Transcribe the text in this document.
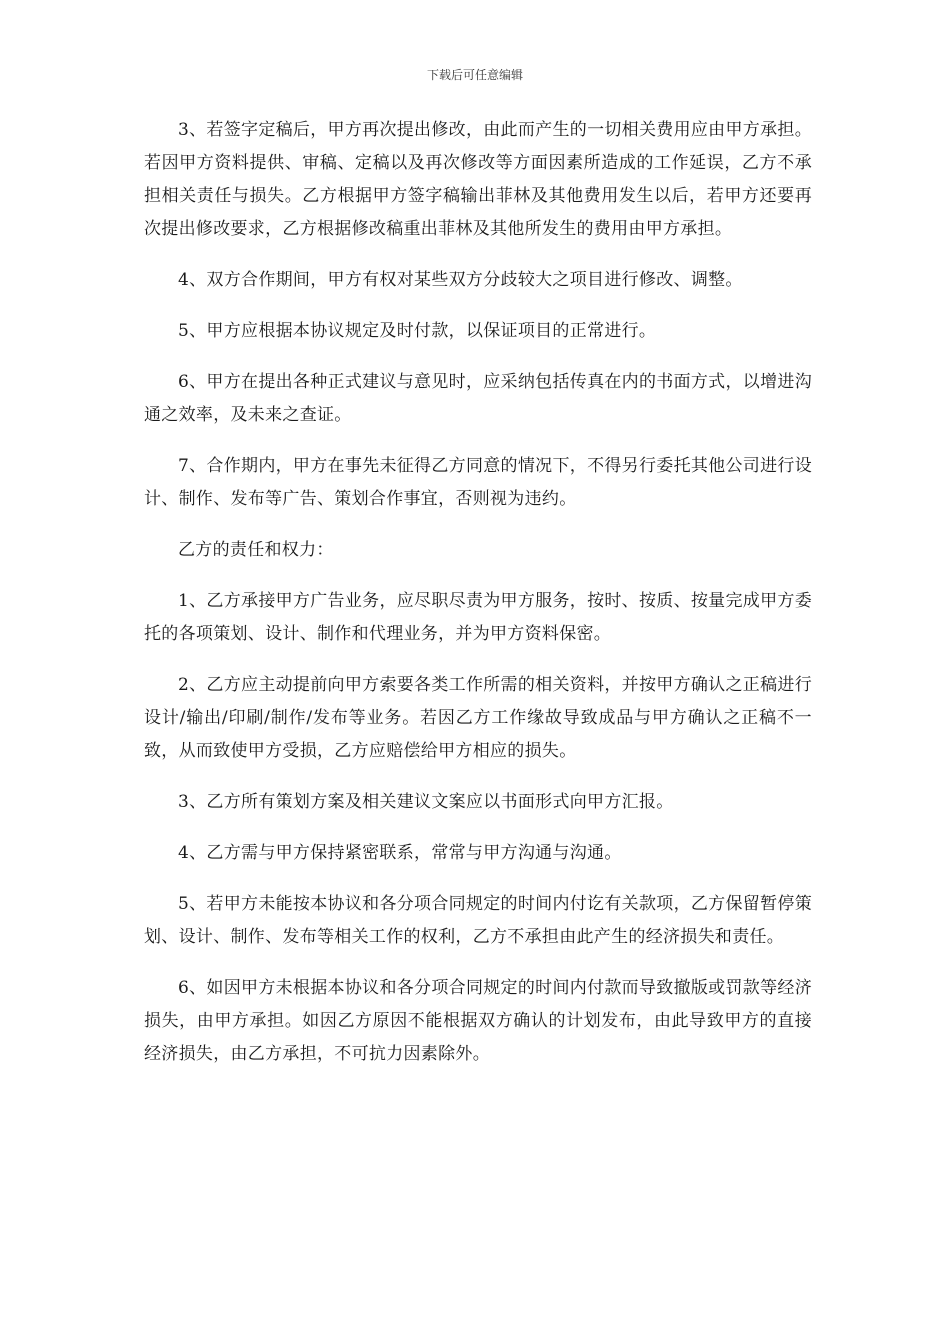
下载后可任意编辑

3、若签字定稿后，甲方再次提出修改，由此而产生的一切相关费用应由甲方承担。若因甲方资料提供、审稿、定稿以及再次修改等方面因素所造成的工作延误，乙方不承担相关责任与损失。乙方根据甲方签字稿输出菲林及其他费用发生以后，若甲方还要再次提出修改要求，乙方根据修改稿重出菲林及其他所发生的费用由甲方承担。

4、双方合作期间，甲方有权对某些双方分歧较大之项目进行修改、调整。

5、甲方应根据本协议规定及时付款，以保证项目的正常进行。

6、甲方在提出各种正式建议与意见时，应采纳包括传真在内的书面方式，以增进沟通之效率，及未来之查证。

7、合作期内，甲方在事先未征得乙方同意的情况下，不得另行委托其他公司进行设计、制作、发布等广告、策划合作事宜，否则视为违约。

乙方的责任和权力：

1、乙方承接甲方广告业务，应尽职尽责为甲方服务，按时、按质、按量完成甲方委托的各项策划、设计、制作和代理业务，并为甲方资料保密。

2、乙方应主动提前向甲方索要各类工作所需的相关资料，并按甲方确认之正稿进行设计/输出/印刷/制作/发布等业务。若因乙方工作缘故导致成品与甲方确认之正稿不一致，从而致使甲方受损，乙方应赔偿给甲方相应的损失。

3、乙方所有策划方案及相关建议文案应以书面形式向甲方汇报。

4、乙方需与甲方保持紧密联系，常常与甲方沟通与沟通。

5、若甲方未能按本协议和各分项合同规定的时间内付讫有关款项，乙方保留暂停策划、设计、制作、发布等相关工作的权利，乙方不承担由此产生的经济损失和责任。

6、如因甲方未根据本协议和各分项合同规定的时间内付款而导致撤版或罚款等经济损失，由甲方承担。如因乙方原因不能根据双方确认的计划发布，由此导致甲方的直接经济损失，由乙方承担，不可抗力因素除外。
